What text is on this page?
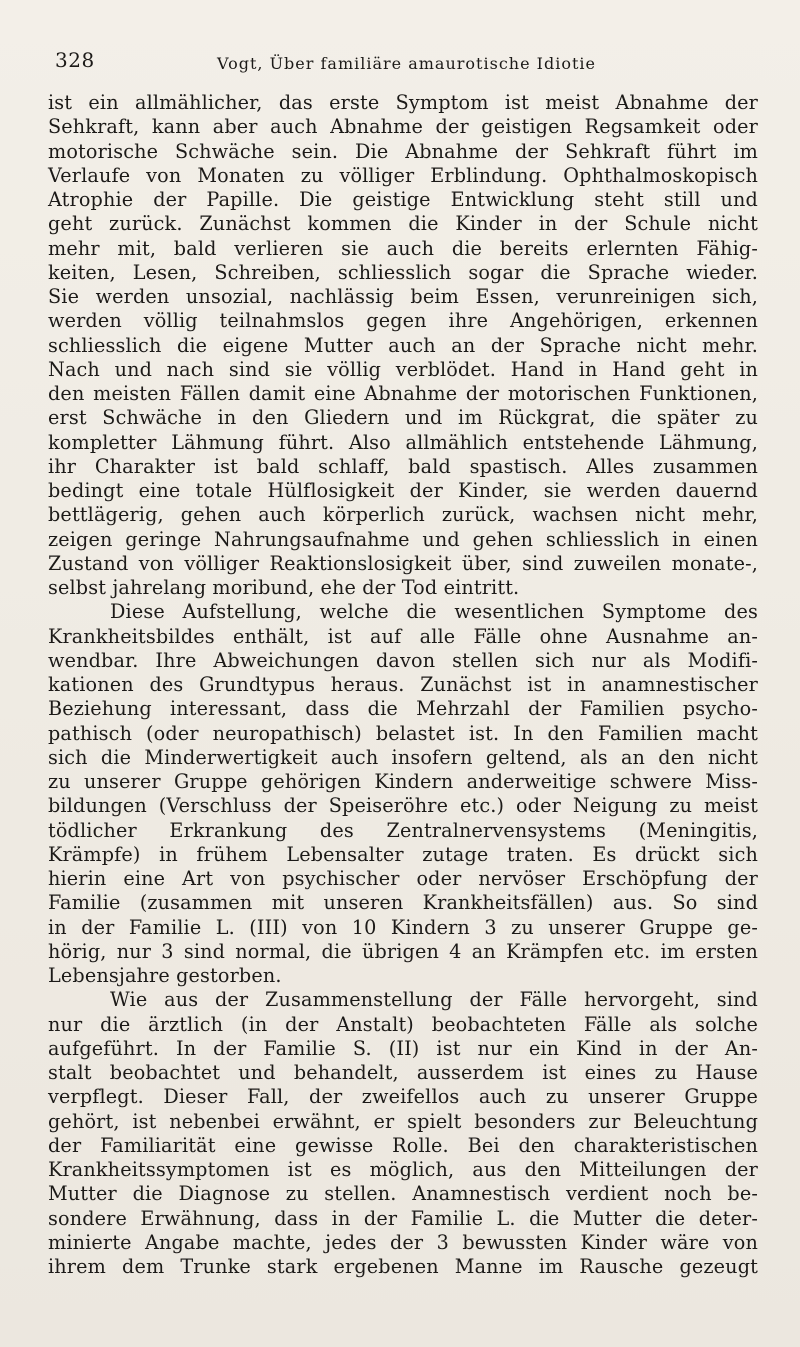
328	Vogt, Über familiäre amaurotische Idiotie
ist ein allmählicher, das erste Symptom ist meist Abnahme der
Sehkraft, kann aber auch Abnahme der geistigen Regsamkeit oder
motorische Schwäche sein. Die Abnahme der Sehkraft führt im
Verlaufe von Monaten zu völliger Erblindung. Ophthalmoskopisch
Atrophie der Papille. Die geistige Entwicklung steht still und
geht zurück. Zunächst kommen die Kinder in der Schule nicht
mehr mit, bald verlieren sie auch die bereits erlernten Fähig-
keiten, Lesen, Schreiben, schliesslich sogar die Sprache wieder.
Sie werden unsozial, nachlässig beim Essen, verunreinigen sich,
werden völlig teilnahmslos gegen ihre Angehörigen, erkennen
schliesslich die eigene Mutter auch an der Sprache nicht mehr.
Nach und nach sind sie völlig verblödet. Hand in Hand geht in
den meisten Fällen damit eine Abnahme der motorischen Funktionen,
erst Schwäche in den Gliedern und im Rückgrat, die später zu
kompletter Lähmung führt. Also allmählich entstehende Lähmung,
ihr Charakter ist bald schlaff, bald spastisch. Alles zusammen
bedingt eine totale Hülflosigkeit der Kinder, sie werden dauernd
bettlägerig, gehen auch körperlich zurück, wachsen nicht mehr,
zeigen geringe Nahrungsaufnahme und gehen schliesslich in einen
Zustand von völliger Reaktionslosigkeit über, sind zuweilen monate-,
selbst jahrelang moribund, ehe der Tod eintritt.
Diese Aufstellung, welche die wesentlichen Symptome des
Krankheitsbildes enthält, ist auf alle Fälle ohne Ausnahme an-
wendbar. Ihre Abweichungen davon stellen sich nur als Modifi-
kationen des Grundtypus heraus. Zunächst ist in anamnestischer
Beziehung interessant, dass die Mehrzahl der Familien psycho-
pathisch (oder neuropathisch) belastet ist. In den Familien macht
sich die Minderwertigkeit auch insofern geltend, als an den nicht
zu unserer Gruppe gehörigen Kindern anderweitige schwere Miss-
bildungen (Verschluss der Speiseröhre etc.) oder Neigung zu meist
tödlicher Erkrankung des Zentralnervensystems (Meningitis,
Krämpfe) in frühem Lebensalter zutage traten. Es drückt sich
hierin eine Art von psychischer oder nervöser Erschöpfung der
Familie (zusammen mit unseren Krankheitsfällen) aus. So sind
in der Familie L. (III) von 10 Kindern 3 zu unserer Gruppe ge-
hörig, nur 3 sind normal, die übrigen 4 an Krämpfen etc. im ersten
Lebensjahre gestorben.
Wie aus der Zusammenstellung der Fälle hervorgeht, sind
nur die ärztlich (in der Anstalt) beobachteten Fälle als solche
aufgeführt. In der Familie S. (II) ist nur ein Kind in der An-
stalt beobachtet und behandelt, ausserdem ist eines zu Hause
verpflegt. Dieser Fall, der zweifellos auch zu unserer Gruppe
gehört, ist nebenbei erwähnt, er spielt besonders zur Beleuchtung
der Familiarität eine gewisse Rolle. Bei den charakteristischen
Krankheitssymptomen ist es möglich, aus den Mitteilungen der
Mutter die Diagnose zu stellen. Anamnestisch verdient noch be-
sondere Erwähnung, dass in der Familie L. die Mutter die deter-
minierte Angabe machte, jedes der 3 bewussten Kinder wäre von
ihrem dem Trunke stark ergebenen Manne im Rausche gezeugt
